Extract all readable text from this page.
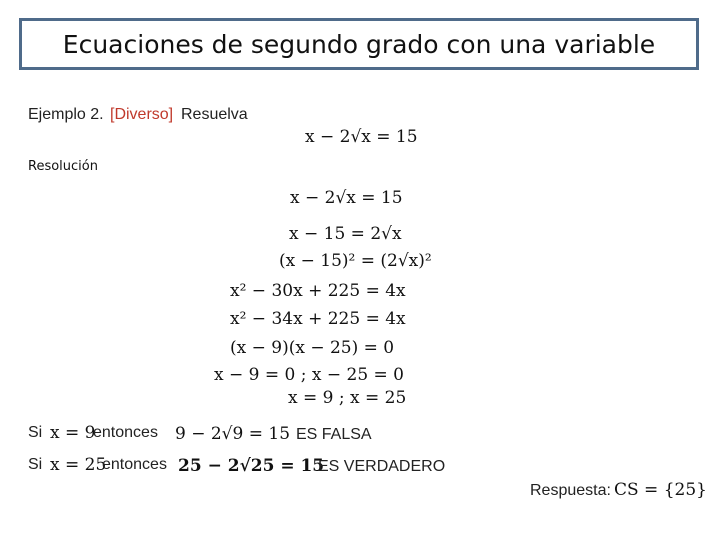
Ecuaciones de segundo grado con una variable
Ejemplo 2. [Diverso] Resuelva
x − 2√x = 15
Resolución
x − 2√x = 15
x − 15 = 2√x
(x − 15)² = (2√x)²
x² − 30x + 225 = 4x
x² − 34x + 225 = 4x
(x − 9)(x − 25) = 0
x − 9 = 0 ; x − 25 = 0
x = 9 ; x = 25
Si x = 9
entonces 9 − 2√9 = 15 ES FALSA
Si x = 25
entonces 25 − 2√25 = 15
ES VERDADERO
Respuesta: CS = {25}
